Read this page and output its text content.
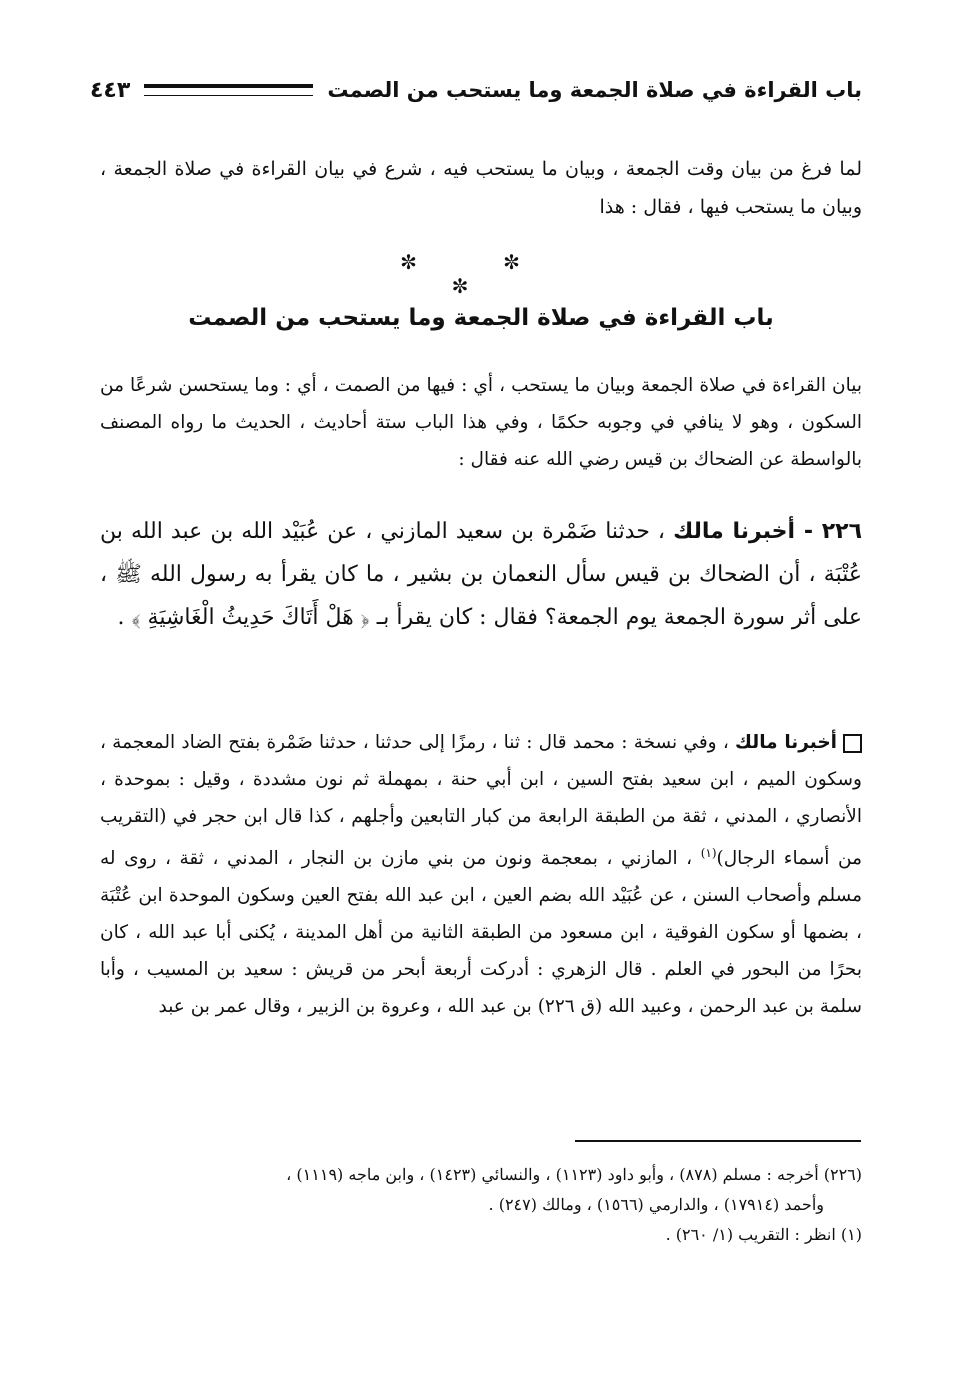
باب القراءة في صلاة الجمعة وما يستحب من الصمت
٤٤٣

لما فرغ من بيان وقت الجمعة ، وبيان ما يستحب فيه ، شرع في بيان القراءة في صلاة الجمعة ، وبيان ما يستحب فيها ، فقال : هذا

✼ ✼ ✼
باب القراءة في صلاة الجمعة وما يستحب من الصمت

بيان القراءة في صلاة الجمعة وبيان ما يستحب ، أي : فيها من الصمت ، أي : وما يستحسن شرعًا من السكون ، وهو لا ينافي في وجوبه حكمًا ، وفي هذا الباب ستة أحاديث ، الحديث ما رواه المصنف بالواسطة عن الضحاك بن قيس رضي الله عنه فقال :

٢٢٦ - أخبرنا مالك ، حدثنا ضَمْرة بن سعيد المازني ، عن عُبَيْد الله بن عبد الله بن عُتْبَة ، أن الضحاك بن قيس سأل النعمان بن بشير ، ما كان يقرأ به رسول الله ﷺ ، على أثر سورة الجمعة يوم الجمعة؟ فقال : كان يقرأ بـ ﴿ هَلْ أَتَاكَ حَدِيثُ الْغَاشِيَةِ ﴾ .

أخبرنا مالك ، وفي نسخة : محمد قال : ثنا ، رمزًا إلى حدثنا ، حدثنا ضَمْرة بفتح الضاد المعجمة ، وسكون الميم ، ابن سعيد بفتح السين ، ابن أبي حنة ، بمهملة ثم نون مشددة ، وقيل : بموحدة ، الأنصاري ، المدني ، ثقة من الطبقة الرابعة من كبار التابعين وأجلهم ، كذا قال ابن حجر في (التقريب من أسماء الرجال)$^{(١)}$ ، المازني ، بمعجمة ونون من بني مازن بن النجار ، المدني ، ثقة ، روى له مسلم وأصحاب السنن ، عن عُبَيْد الله بضم العين ، ابن عبد الله بفتح العين وسكون الموحدة ابن عُتْبَة ، بضمها أو سكون الفوقية ، ابن مسعود من الطبقة الثانية من أهل المدينة ، يُكنى أبا عبد الله ، كان بحرًا من البحور في العلم . قال الزهري : أدركت أربعة أبحر من قريش : سعيد بن المسيب ، وأبا سلمة بن عبد الرحمن ، وعبيد الله (ق ٢٢٦) بن عبد الله ، وعروة بن الزبير ، وقال عمر بن عبد

(٢٢٦) أخرجه : مسلم (٨٧٨) ، وأبو داود (١١٢٣) ، والنسائي (١٤٢٣) ، وابن ماجه (١١١٩) ،
وأحمد (١٧٩١٤) ، والدارمي (١٥٦٦) ، ومالك (٢٤٧) .
(١) انظر : التقريب (١/ ٢٦٠) .
